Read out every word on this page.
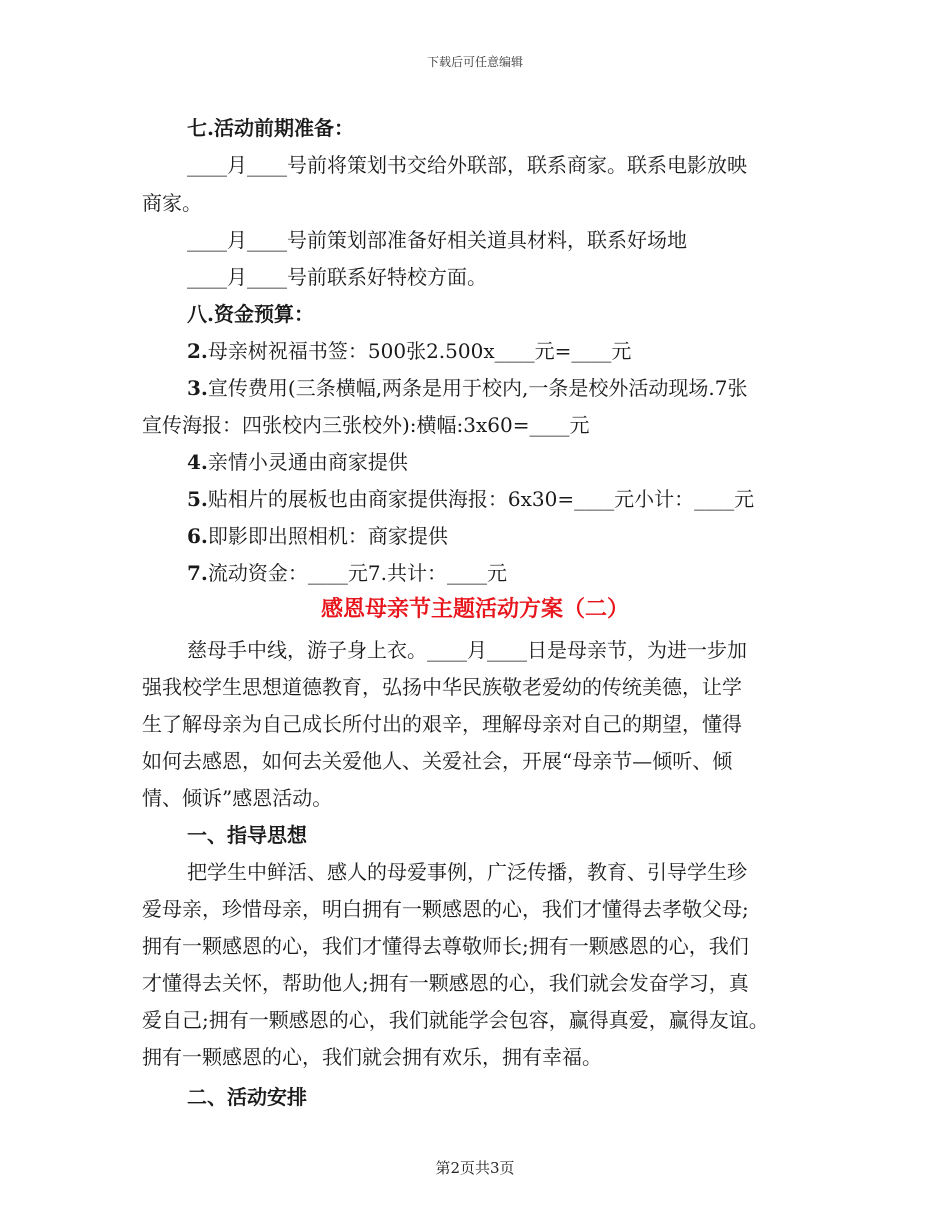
下载后可任意编辑
七.活动前期准备：
____月____号前将策划书交给外联部，联系商家。联系电影放映
商家。
____月____号前策划部准备好相关道具材料，联系好场地
____月____号前联系好特校方面。
八.资金预算：
2.母亲树祝福书签：500张2.500x____元=____元
3.宣传费用(三条横幅,两条是用于校内,一条是校外活动现场.7张
宣传海报：四张校内三张校外):横幅:3x60=____元
4.亲情小灵通由商家提供
5.贴相片的展板也由商家提供海报：6x30=____元小计：____元
6.即影即出照相机：商家提供
7.流动资金：____元7.共计：____元
感恩母亲节主题活动方案（二）
慈母手中线，游子身上衣。____月____日是母亲节，为进一步加
强我校学生思想道德教育，弘扬中华民族敬老爱幼的传统美德，让学
生了解母亲为自己成长所付出的艰辛，理解母亲对自己的期望，懂得
如何去感恩，如何去关爱他人、关爱社会，开展“母亲节—倾听、倾
情、倾诉”感恩活动。
一、指导思想
把学生中鲜活、感人的母爱事例，广泛传播，教育、引导学生珍
爱母亲，珍惜母亲，明白拥有一颗感恩的心，我们才懂得去孝敬父母;
拥有一颗感恩的心，我们才懂得去尊敬师长;拥有一颗感恩的心，我们
才懂得去关怀，帮助他人;拥有一颗感恩的心，我们就会发奋学习，真
爱自己;拥有一颗感恩的心，我们就能学会包容，赢得真爱，赢得友谊。
拥有一颗感恩的心，我们就会拥有欢乐，拥有幸福。
二、活动安排
第2页共3页
